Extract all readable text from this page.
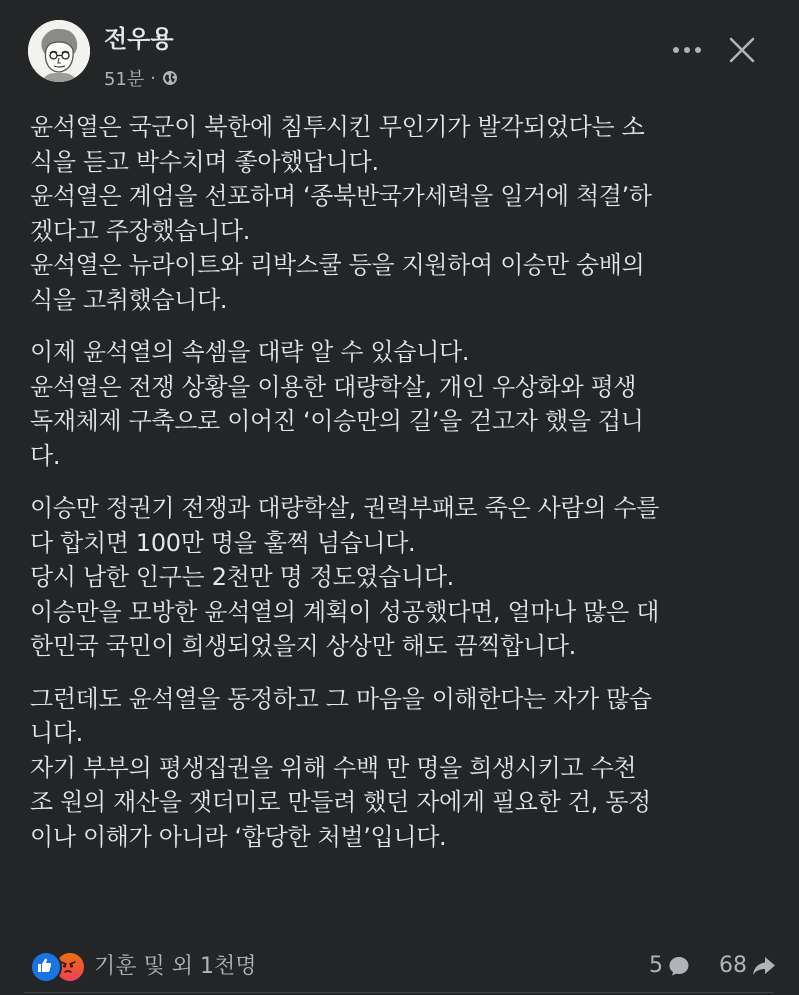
전우용
51분 ·

윤석열은 국군이 북한에 침투시킨 무인기가 발각되었다는 소
식을 듣고 박수치며 좋아했답니다.
윤석열은 계엄을 선포하며 ‘종북반국가세력을 일거에 척결’하
겠다고 주장했습니다.
윤석열은 뉴라이트와 리박스쿨 등을 지원하여 이승만 숭배의
식을 고취했습니다.

이제 윤석열의 속셈을 대략 알 수 있습니다.
윤석열은 전쟁 상황을 이용한 대량학살, 개인 우상화와 평생
독재체제 구축으로 이어진 ‘이승만의 길’을 걷고자 했을 겁니
다.

이승만 정권기 전쟁과 대량학살, 권력부패로 죽은 사람의 수를
다 합치면 100만 명을 훌쩍 넘습니다.
당시 남한 인구는 2천만 명 정도였습니다.
이승만을 모방한 윤석열의 계획이 성공했다면, 얼마나 많은 대
한민국 국민이 희생되었을지 상상만 해도 끔찍합니다.

그런데도 윤석열을 동정하고 그 마음을 이해한다는 자가 많습
니다.
자기 부부의 평생집권을 위해 수백 만 명을 희생시키고 수천
조 원의 재산을 잿더미로 만들려 했던 자에게 필요한 건, 동정
이나 이해가 아니라 ‘합당한 처벌’입니다.

기훈 및 외 1천명	5	68
